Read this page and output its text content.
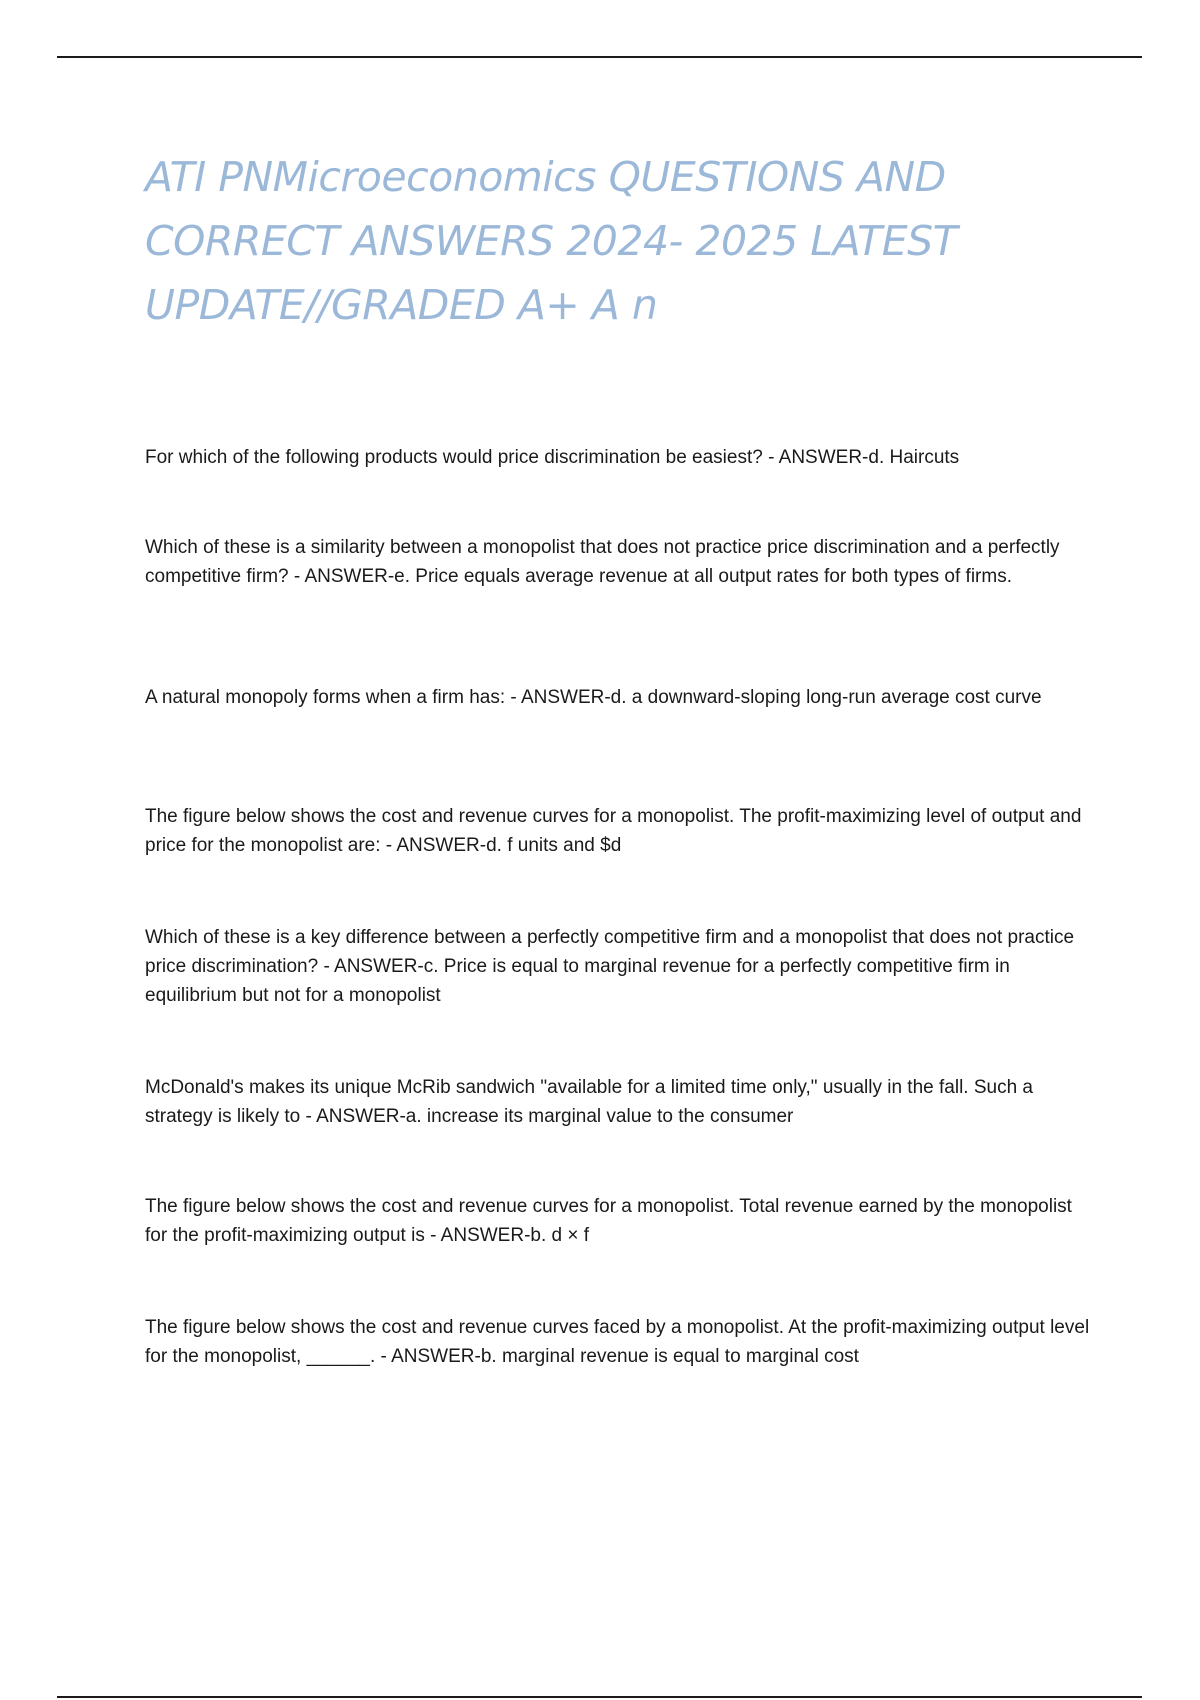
ATI PNMicroeconomics QUESTIONS AND
CORRECT ANSWERS 2024- 2025 LATEST
UPDATE//GRADED A+ A n

For which of the following products would price discrimination be easiest? - ANSWER-d. Haircuts

Which of these is a similarity between a monopolist that does not practice price discrimination and a perfectly competitive firm? - ANSWER-e. Price equals average revenue at all output rates for both types of firms.

A natural monopoly forms when a firm has: - ANSWER-d. a downward-sloping long-run average cost curve

The figure below shows the cost and revenue curves for a monopolist. The profit-maximizing level of output and price for the monopolist are: - ANSWER-d. f units and $d

Which of these is a key difference between a perfectly competitive firm and a monopolist that does not practice price discrimination? - ANSWER-c. Price is equal to marginal revenue for a perfectly competitive firm in equilibrium but not for a monopolist

McDonald's makes its unique McRib sandwich "available for a limited time only," usually in the fall. Such a strategy is likely to - ANSWER-a. increase its marginal value to the consumer

The figure below shows the cost and revenue curves for a monopolist. Total revenue earned by the monopolist for the profit-maximizing output is - ANSWER-b. d × f

The figure below shows the cost and revenue curves faced by a monopolist. At the profit-maximizing output level for the monopolist, ______. - ANSWER-b. marginal revenue is equal to marginal cost
